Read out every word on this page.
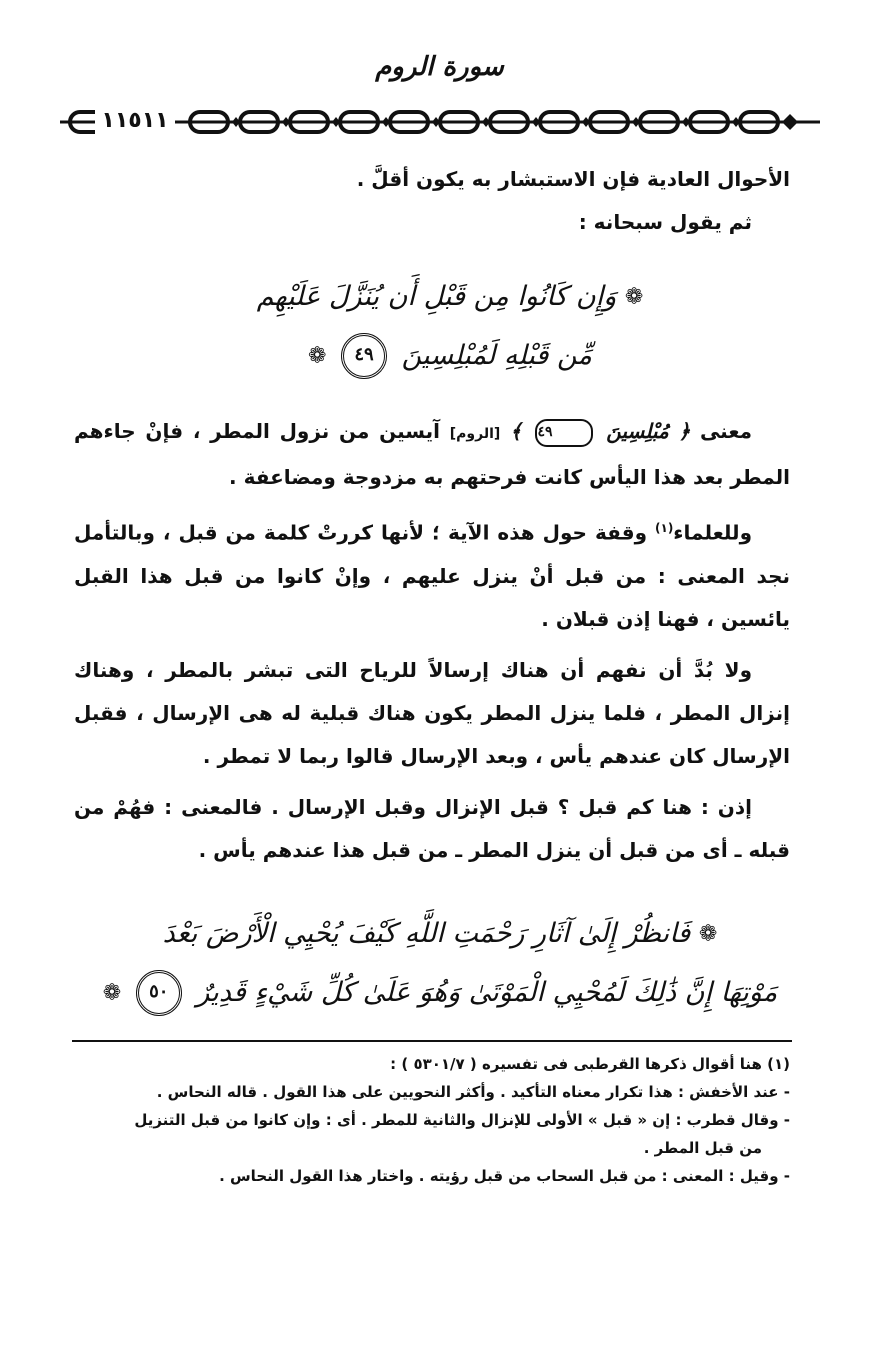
سورة الروم
١١٥١١

الأحوال العادية فإن الاستبشار به يكون أقلَّ .

ثم يقول سبحانه :

❁ وَإِن كَانُوا مِن قَبْلِ أَن يُنَزَّلَ عَلَيْهِم
مِّن قَبْلِهِ لَمُبْلِسِينَ ٤٩ ❁

معنى ﴿ مُبْلِسِينَ ٤٩ ﴾ [الروم] آيسين من نزول المطر ، فإنْ جاءهم المطر بعد هذا اليأس كانت فرحتهم به مزدوجة ومضاعفة .

وللعلماء$^{(١)}$ وقفة حول هذه الآية ؛ لأنها كررتْ كلمة من قبل ، وبالتأمل نجد المعنى : من قبل أنْ ينزل عليهم ، وإنْ كانوا من قبل هذا القبل يائسين ، فهنا إذن قبلان .

ولا بُدَّ أن نفهم أن هناك إرسالاً للرياح التى تبشر بالمطر ، وهناك إنزال المطر ، فلما ينزل المطر يكون هناك قبلية له هى الإرسال ، فقبل الإرسال كان عندهم يأس ، وبعد الإرسال قالوا ربما لا تمطر .

إذن : هنا كم قبل ؟ قبل الإنزال وقبل الإرسال . فالمعنى : فهُمْ من قبله ـ أى من قبل أن ينزل المطر ـ من قبل هذا عندهم يأس .

❁ فَانظُرْ إِلَىٰ آثَارِ رَحْمَتِ اللَّهِ كَيْفَ يُحْيِي الْأَرْضَ بَعْدَ
مَوْتِهَا إِنَّ ذَٰلِكَ لَمُحْيِي الْمَوْتَىٰ وَهُوَ عَلَىٰ كُلِّ شَيْءٍ قَدِيرٌ ٥٠ ❁

(١) هنا أقوال ذكرها القرطبى فى تفسيره ( ٥٣٠١/٧ ) :

- عند الأخفش : هذا تكرار معناه التأكيد . وأكثر النحويين على هذا القول . قاله النحاس .

- وقال قطرب : إن « قبل » الأولى للإنزال والثانية للمطر . أى : وإن كانوا من قبل التنزيل

من قبل المطر .

- وقيل : المعنى : من قبل السحاب من قبل رؤيته . واختار هذا القول النحاس .
